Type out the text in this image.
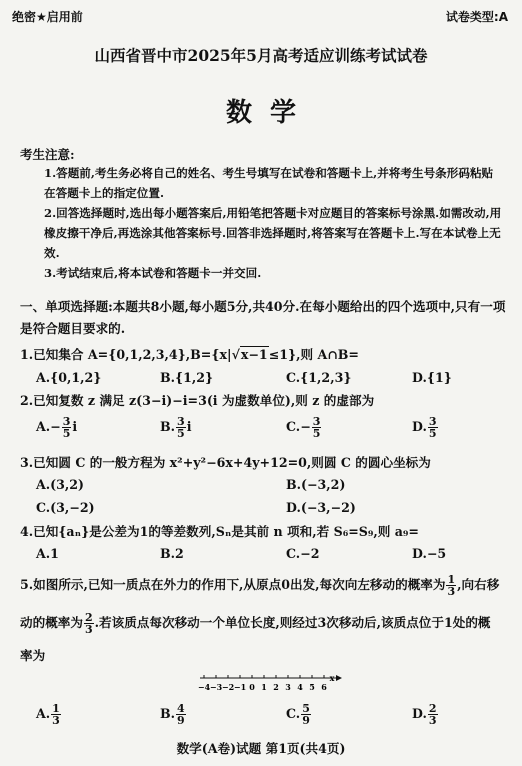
绝密★启用前	试卷类型:A
山西省晋中市2025年5月高考适应训练考试试卷
数学
考生注意:
1.答题前,考生务必将自己的姓名、考生号填写在试卷和答题卡上,并将考生号条形码粘贴在答题卡上的指定位置.
2.回答选择题时,选出每小题答案后,用铅笔把答题卡对应题目的答案标号涂黑.如需改动,用橡皮擦干净后,再选涂其他答案标号.回答非选择题时,将答案写在答题卡上.写在本试卷上无效.
3.考试结束后,将本试卷和答题卡一并交回.
一、单项选择题:本题共8小题,每小题5分,共40分.在每小题给出的四个选项中,只有一项是符合题目要求的.
1.已知集合 A={0,1,2,3,4},B={x|√x−1≤1},则 A∩B=
A.{0,1,2}	B.{1,2}	C.{1,2,3}	D.{1}
2.已知复数 z 满足 z(3−i)−i=3(i 为虚数单位),则 z 的虚部为
$A.- \frac{3}{5}$ i	B. $\frac{3}{5}$ i	$C.- \frac{3}{5}$	D. $\frac{3}{5}$
3.已知圆 C 的一般方程为 x²+y²−6x+4y+12=0,则圆 C 的圆心坐标为
A.(3,2)	B.(−3,2)
C.(3,−2)	D.(−3,−2)
4.已知{aₙ}是公差为1的等差数列,Sₙ是其前 n 项和,若 S₆=S₉,则 a₉=
A.1	B.2	C.−2	D.−5
5.如图所示,已知一质点在外力的作用下,从原点0出发,每次向左移动的概率为 $\frac{1}{3}$ ,向右移
动的概率为 $\frac{2}{3}$ .若该质点每次移动一个单位长度,则经过3次移动后,该质点位于1处的概
率为
−4 −3 −2 −1 0 1 2 3 4 5 6
x
A. $\frac{1}{3}$	B. $\frac{4}{9}$	C. $\frac{5}{9}$	D. $\frac{2}{3}$
数学(A卷)试题 第1页(共4页)
